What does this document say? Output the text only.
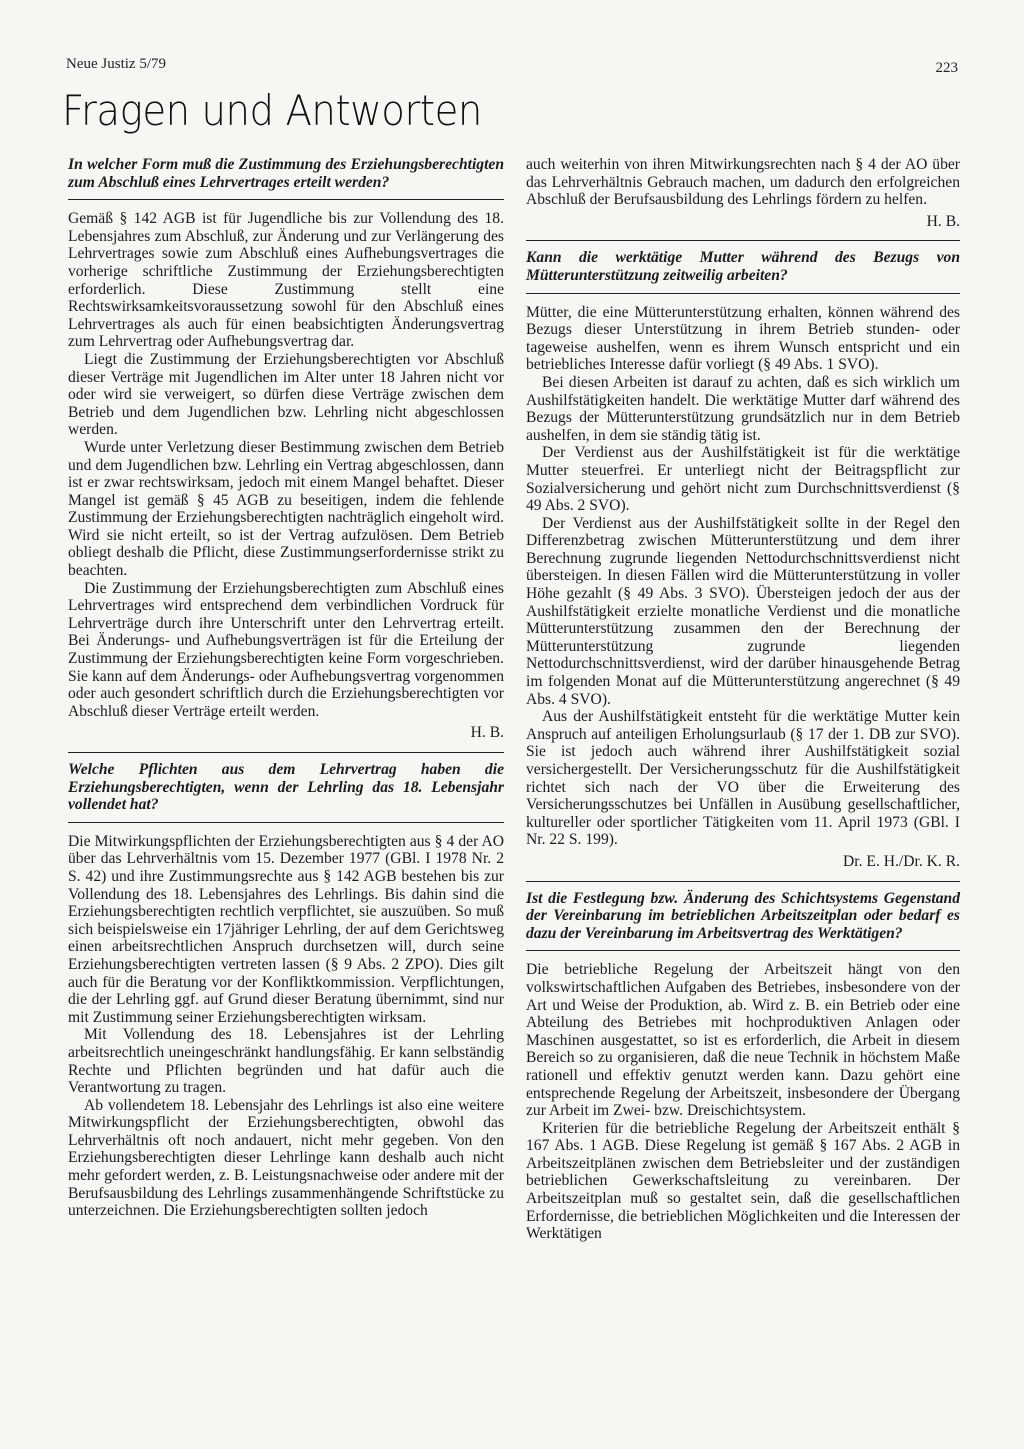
Neue Justiz 5/79	223
Fragen und Antworten
In welcher Form muß die Zustimmung des Erziehungsberechtigten zum Abschluß eines Lehrvertrages erteilt werden?

Gemäß § 142 AGB ist für Jugendliche bis zur Vollendung des 18. Lebensjahres zum Abschluß, zur Änderung und zur Verlängerung des Lehrvertrages sowie zum Abschluß eines Aufhebungsvertrages die vorherige schriftliche Zustimmung der Erziehungsberechtigten erforderlich. Diese Zustimmung stellt eine Rechtswirksamkeitsvoraussetzung sowohl für den Abschluß eines Lehrvertrages als auch für einen beabsichtigten Änderungsvertrag zum Lehrvertrag oder Aufhebungsvertrag dar.

Liegt die Zustimmung der Erziehungsberechtigten vor Abschluß dieser Verträge mit Jugendlichen im Alter unter 18 Jahren nicht vor oder wird sie verweigert, so dürfen diese Verträge zwischen dem Betrieb und dem Jugendlichen bzw. Lehrling nicht abgeschlossen werden.

Wurde unter Verletzung dieser Bestimmung zwischen dem Betrieb und dem Jugendlichen bzw. Lehrling ein Vertrag abgeschlossen, dann ist er zwar rechtswirksam, jedoch mit einem Mangel behaftet. Dieser Mangel ist gemäß § 45 AGB zu beseitigen, indem die fehlende Zustimmung der Erziehungsberechtigten nachträglich eingeholt wird. Wird sie nicht erteilt, so ist der Vertrag aufzulösen. Dem Betrieb obliegt deshalb die Pflicht, diese Zustimmungserfordernisse strikt zu beachten.

Die Zustimmung der Erziehungsberechtigten zum Abschluß eines Lehrvertrages wird entsprechend dem verbindlichen Vordruck für Lehrverträge durch ihre Unterschrift unter den Lehrvertrag erteilt. Bei Änderungs- und Aufhebungsverträgen ist für die Erteilung der Zustimmung der Erziehungsberechtigten keine Form vorgeschrieben. Sie kann auf dem Änderungs- oder Aufhebungsvertrag vorgenommen oder auch gesondert schriftlich durch die Erziehungsberechtigten vor Abschluß dieser Verträge erteilt werden.

H. B.
Welche Pflichten aus dem Lehrvertrag haben die Erziehungsberechtigten, wenn der Lehrling das 18. Lebensjahr vollendet hat?

Die Mitwirkungspflichten der Erziehungsberechtigten aus § 4 der AO über das Lehrverhältnis vom 15. Dezember 1977 (GBl. I 1978 Nr. 2 S. 42) und ihre Zustimmungsrechte aus § 142 AGB bestehen bis zur Vollendung des 18. Lebensjahres des Lehrlings. Bis dahin sind die Erziehungsberechtigten rechtlich verpflichtet, sie auszuüben. So muß sich beispielsweise ein 17jähriger Lehrling, der auf dem Gerichtsweg einen arbeitsrechtlichen Anspruch durchsetzen will, durch seine Erziehungsberechtigten vertreten lassen (§ 9 Abs. 2 ZPO). Dies gilt auch für die Beratung vor der Konfliktkommission. Verpflichtungen, die der Lehrling ggf. auf Grund dieser Beratung übernimmt, sind nur mit Zustimmung seiner Erziehungsberechtigten wirksam.

Mit Vollendung des 18. Lebensjahres ist der Lehrling arbeitsrechtlich uneingeschränkt handlungsfähig. Er kann selbständig Rechte und Pflichten begründen und hat dafür auch die Verantwortung zu tragen.

Ab vollendetem 18. Lebensjahr des Lehrlings ist also eine weitere Mitwirkungspflicht der Erziehungsberechtigten, obwohl das Lehrverhältnis oft noch andauert, nicht mehr gegeben. Von den Erziehungsberechtigten dieser Lehrlinge kann deshalb auch nicht mehr gefordert werden, z. B. Leistungsnachweise oder andere mit der Berufsausbildung des Lehrlings zusammenhängende Schriftstücke zu unterzeichnen. Die Erziehungsberechtigten sollten jedoch

auch weiterhin von ihren Mitwirkungsrechten nach § 4 der AO über das Lehrverhältnis Gebrauch machen, um dadurch den erfolgreichen Abschluß der Berufsausbildung des Lehrlings fördern zu helfen.

H. B.
Kann die werktätige Mutter während des Bezugs von Mütterunterstützung zeitweilig arbeiten?

Mütter, die eine Mütterunterstützung erhalten, können während des Bezugs dieser Unterstützung in ihrem Betrieb stunden- oder tageweise aushelfen, wenn es ihrem Wunsch entspricht und ein betriebliches Interesse dafür vorliegt (§ 49 Abs. 1 SVO).

Bei diesen Arbeiten ist darauf zu achten, daß es sich wirklich um Aushilfstätigkeiten handelt. Die werktätige Mutter darf während des Bezugs der Mütterunterstützung grundsätzlich nur in dem Betrieb aushelfen, in dem sie ständig tätig ist.

Der Verdienst aus der Aushilfstätigkeit ist für die werktätige Mutter steuerfrei. Er unterliegt nicht der Beitragspflicht zur Sozialversicherung und gehört nicht zum Durchschnittsverdienst (§ 49 Abs. 2 SVO).

Der Verdienst aus der Aushilfstätigkeit sollte in der Regel den Differenzbetrag zwischen Mütterunterstützung und dem ihrer Berechnung zugrunde liegenden Nettodurchschnittsverdienst nicht übersteigen. In diesen Fällen wird die Mütterunterstützung in voller Höhe gezahlt (§ 49 Abs. 3 SVO). Übersteigen jedoch der aus der Aushilfstätigkeit erzielte monatliche Verdienst und die monatliche Mütterunterstützung zusammen den der Berechnung der Mütterunterstützung zugrunde liegenden Nettodurchschnittsverdienst, wird der darüber hinausgehende Betrag im folgenden Monat auf die Mütterunterstützung angerechnet (§ 49 Abs. 4 SVO).

Aus der Aushilfstätigkeit entsteht für die werktätige Mutter kein Anspruch auf anteiligen Erholungsurlaub (§ 17 der 1. DB zur SVO). Sie ist jedoch auch während ihrer Aushilfstätigkeit sozial versichergestellt. Der Versicherungsschutz für die Aushilfstätigkeit richtet sich nach der VO über die Erweiterung des Versicherungsschutzes bei Unfällen in Ausübung gesellschaftlicher, kultureller oder sportlicher Tätigkeiten vom 11. April 1973 (GBl. I Nr. 22 S. 199).

Dr. E. H./Dr. K. R.
Ist die Festlegung bzw. Änderung des Schichtsystems Gegenstand der Vereinbarung im betrieblichen Arbeitszeitplan oder bedarf es dazu der Vereinbarung im Arbeitsvertrag des Werktätigen?

Die betriebliche Regelung der Arbeitszeit hängt von den volkswirtschaftlichen Aufgaben des Betriebes, insbesondere von der Art und Weise der Produktion, ab. Wird z. B. ein Betrieb oder eine Abteilung des Betriebes mit hochproduktiven Anlagen oder Maschinen ausgestattet, so ist es erforderlich, die Arbeit in diesem Bereich so zu organisieren, daß die neue Technik in höchstem Maße rationell und effektiv genutzt werden kann. Dazu gehört eine entsprechende Regelung der Arbeitszeit, insbesondere der Übergang zur Arbeit im Zwei- bzw. Dreischichtsystem.

Kriterien für die betriebliche Regelung der Arbeitszeit enthält § 167 Abs. 1 AGB. Diese Regelung ist gemäß § 167 Abs. 2 AGB in Arbeitszeitplänen zwischen dem Betriebsleiter und der zuständigen betrieblichen Gewerkschaftsleitung zu vereinbaren. Der Arbeitszeitplan muß so gestaltet sein, daß die gesellschaftlichen Erfordernisse, die betrieblichen Möglichkeiten und die Interessen der Werktätigen
